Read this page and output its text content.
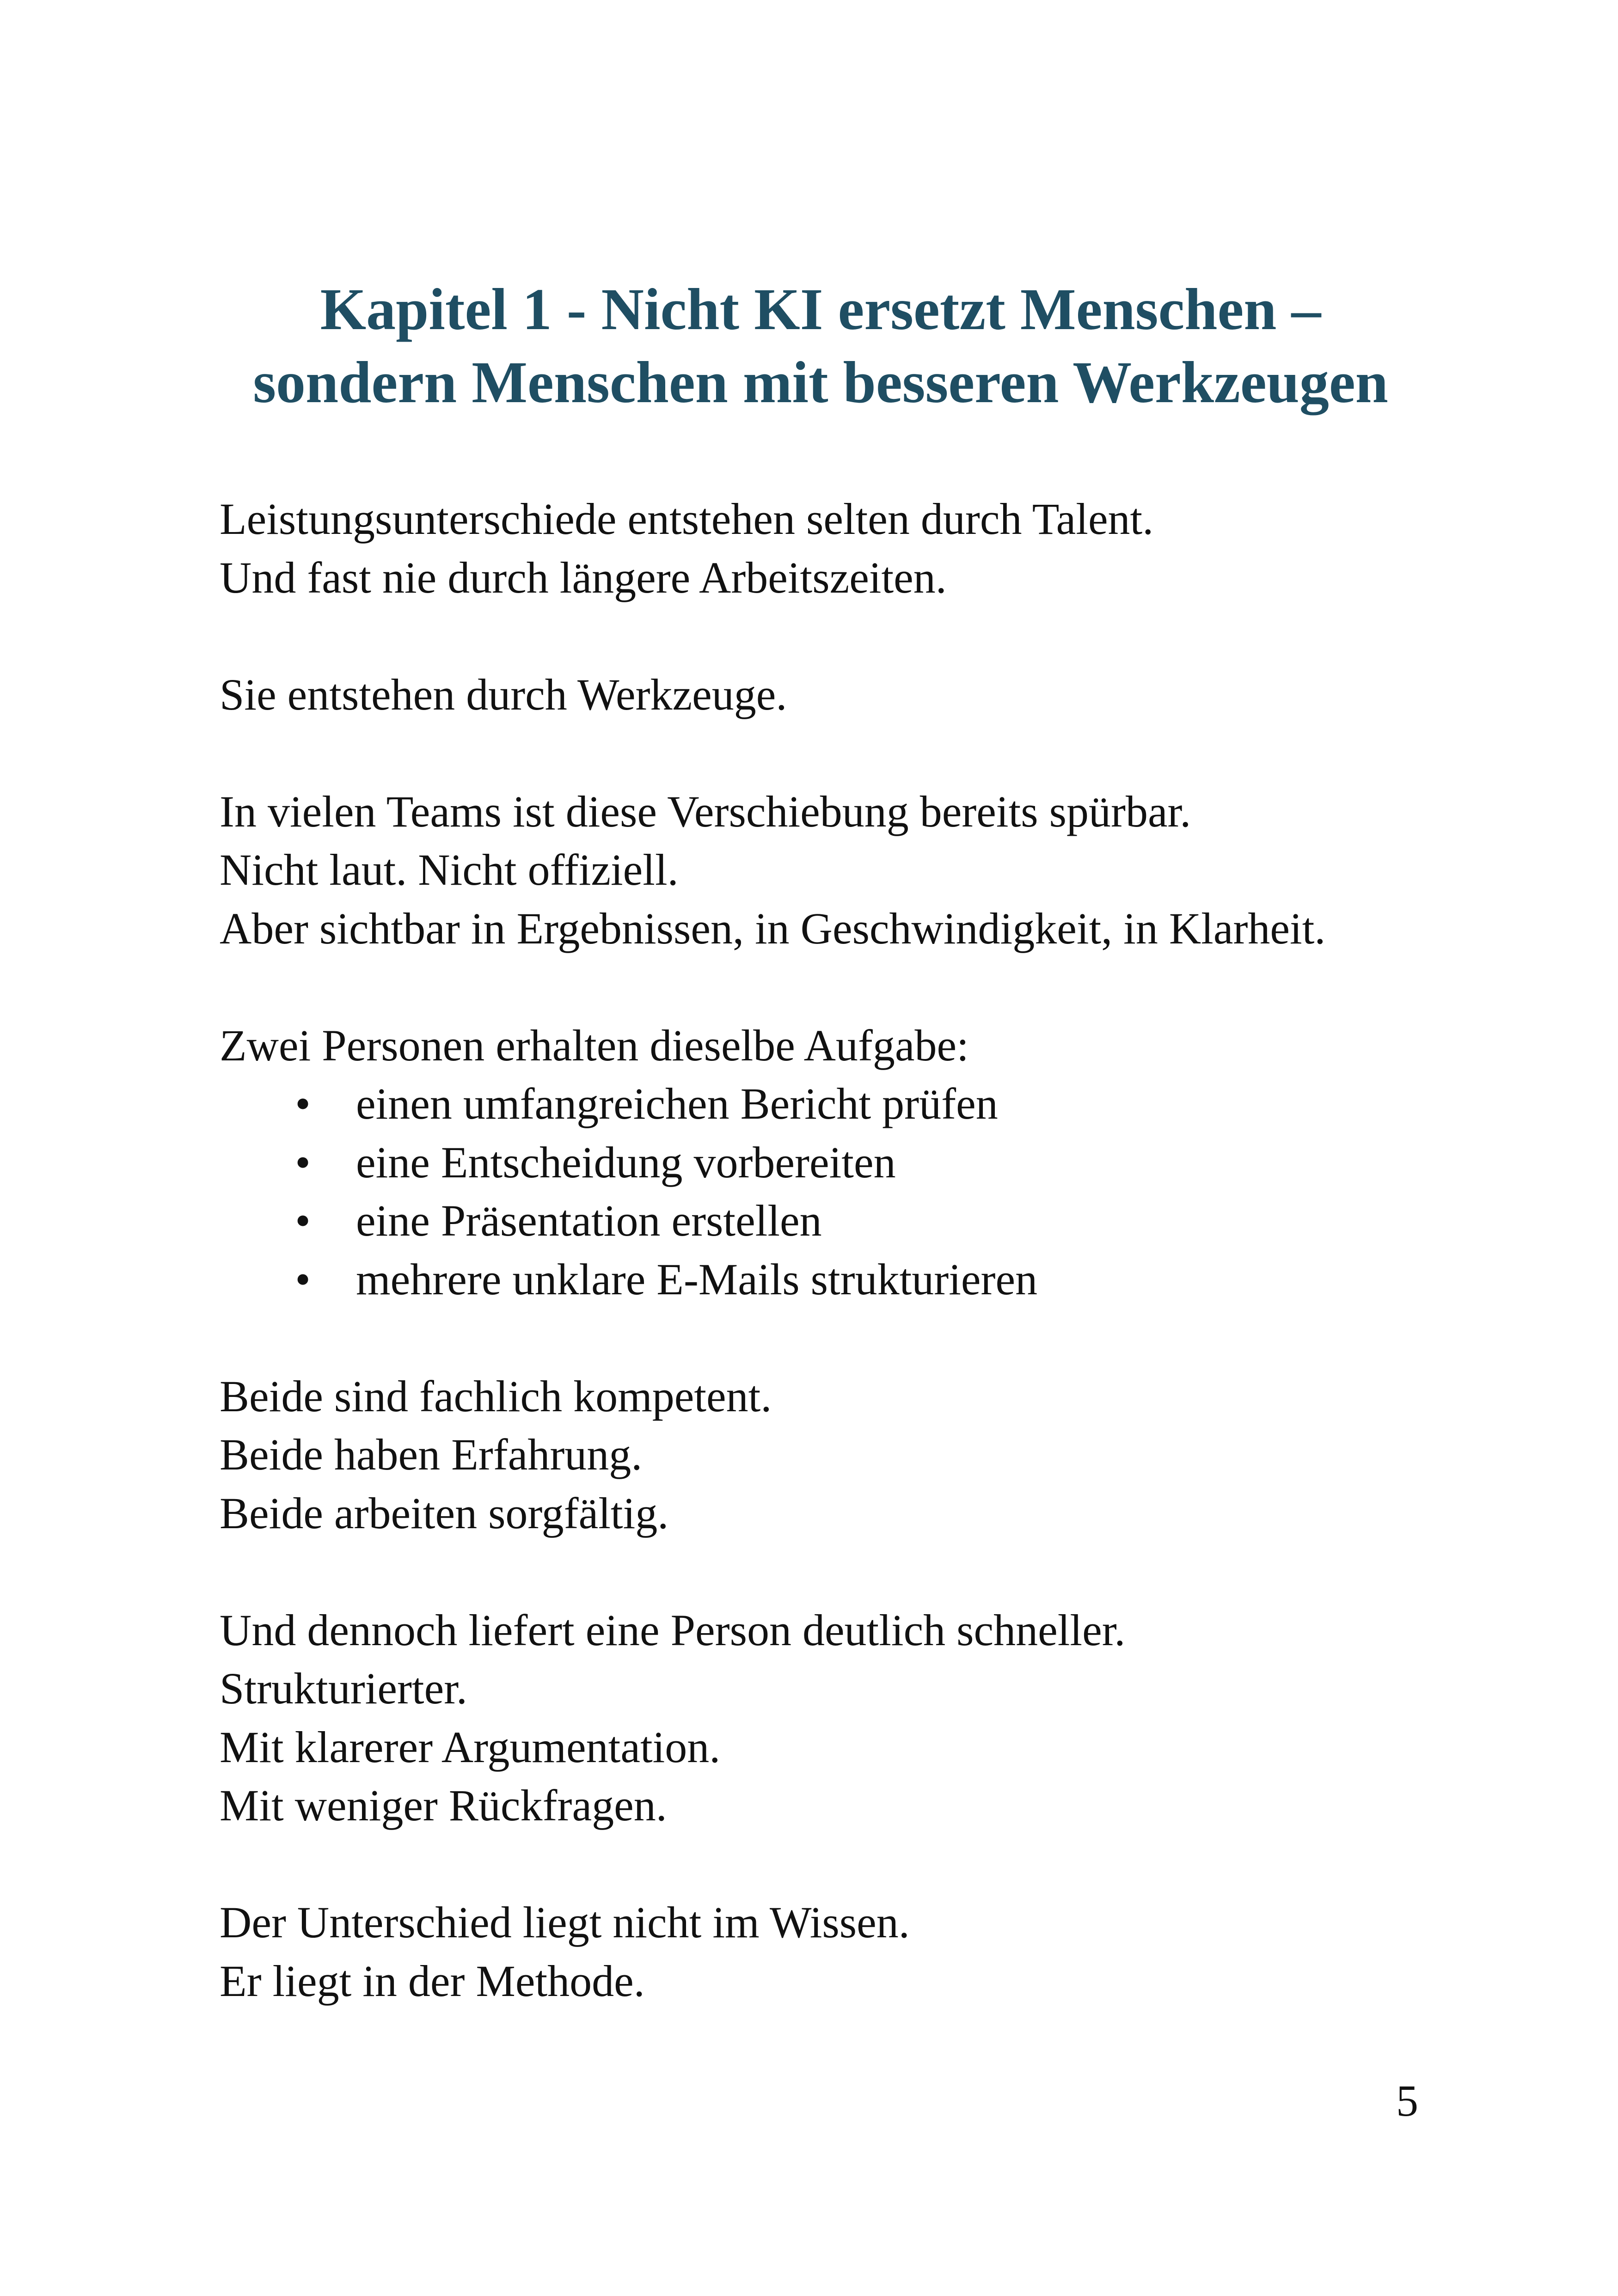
Kapitel 1 - Nicht KI ersetzt Menschen –
sondern Menschen mit besseren Werkzeugen
Leistungsunterschiede entstehen selten durch Talent.
Und fast nie durch längere Arbeitszeiten.
Sie entstehen durch Werkzeuge.
In vielen Teams ist diese Verschiebung bereits spürbar.
Nicht laut. Nicht offiziell.
Aber sichtbar in Ergebnissen, in Geschwindigkeit, in Klarheit.
Zwei Personen erhalten dieselbe Aufgabe:
• einen umfangreichen Bericht prüfen
• eine Entscheidung vorbereiten
• eine Präsentation erstellen
• mehrere unklare E-Mails strukturieren
Beide sind fachlich kompetent.
Beide haben Erfahrung.
Beide arbeiten sorgfältig.
Und dennoch liefert eine Person deutlich schneller.
Strukturierter.
Mit klarerer Argumentation.
Mit weniger Rückfragen.
Der Unterschied liegt nicht im Wissen.
Er liegt in der Methode.
5
